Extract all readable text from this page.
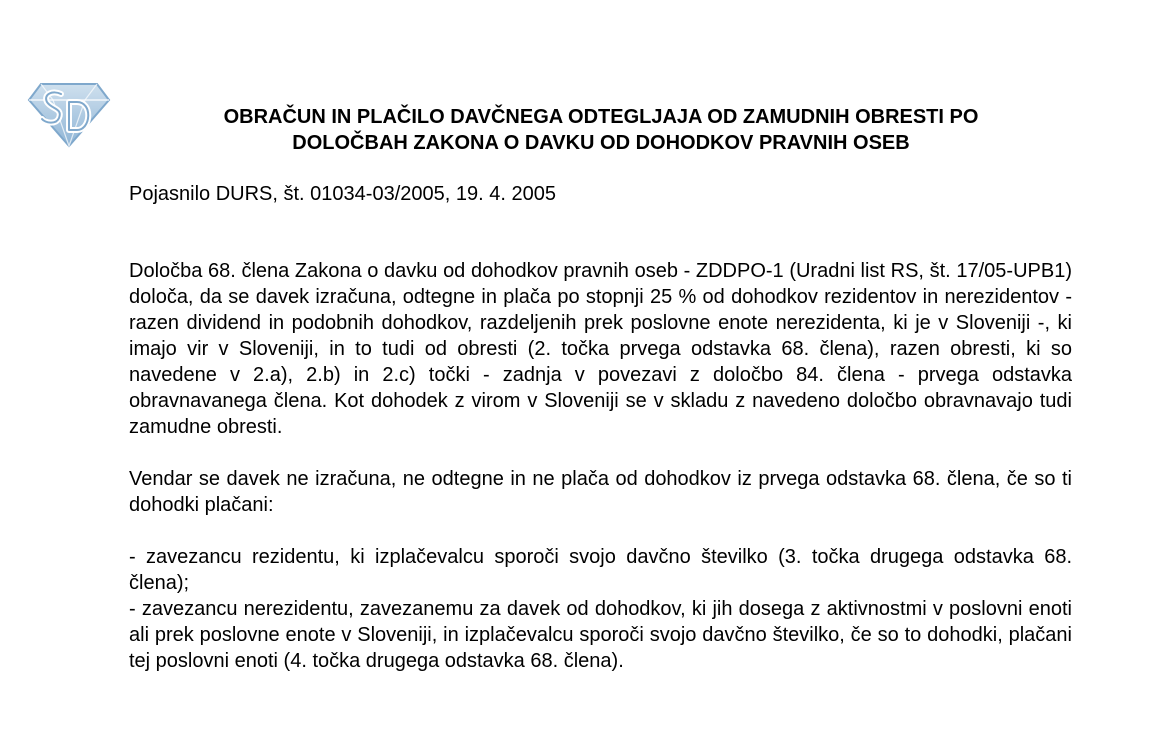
OBRAČUN IN PLAČILO DAVČNEGA ODTEGLJAJA OD ZAMUDNIH OBRESTI PO
DOLOČBAH ZAKONA O DAVKU OD DOHODKOV PRAVNIH OSEB

Pojasnilo DURS, št. 01034-03/2005, 19. 4. 2005

Določba 68. člena Zakona o davku od dohodkov pravnih oseb - ZDDPO-1 (Uradni list RS, št. 17/05-UPB1) določa, da se davek izračuna, odtegne in plača po stopnji 25 % od dohodkov rezidentov in nerezidentov - razen dividend in podobnih dohodkov, razdeljenih prek poslovne enote nerezidenta, ki je v Sloveniji -, ki imajo vir v Sloveniji, in to tudi od obresti (2. točka prvega odstavka 68. člena), razen obresti, ki so navedene v 2.a), 2.b) in 2.c) točki - zadnja v povezavi z določbo 84. člena - prvega odstavka obravnavanega člena. Kot dohodek z virom v Sloveniji se v skladu z navedeno določbo obravnavajo tudi zamudne obresti.

Vendar se davek ne izračuna, ne odtegne in ne plača od dohodkov iz prvega odstavka 68. člena, če so ti dohodki plačani:

- zavezancu rezidentu, ki izplačevalcu sporoči svojo davčno številko (3. točka drugega odstavka 68. člena);

- zavezancu nerezidentu, zavezanemu za davek od dohodkov, ki jih dosega z aktivnostmi v poslovni enoti ali prek poslovne enote v Sloveniji, in izplačevalcu sporoči svojo davčno številko, če so to dohodki, plačani tej poslovni enoti (4. točka drugega odstavka 68. člena).
